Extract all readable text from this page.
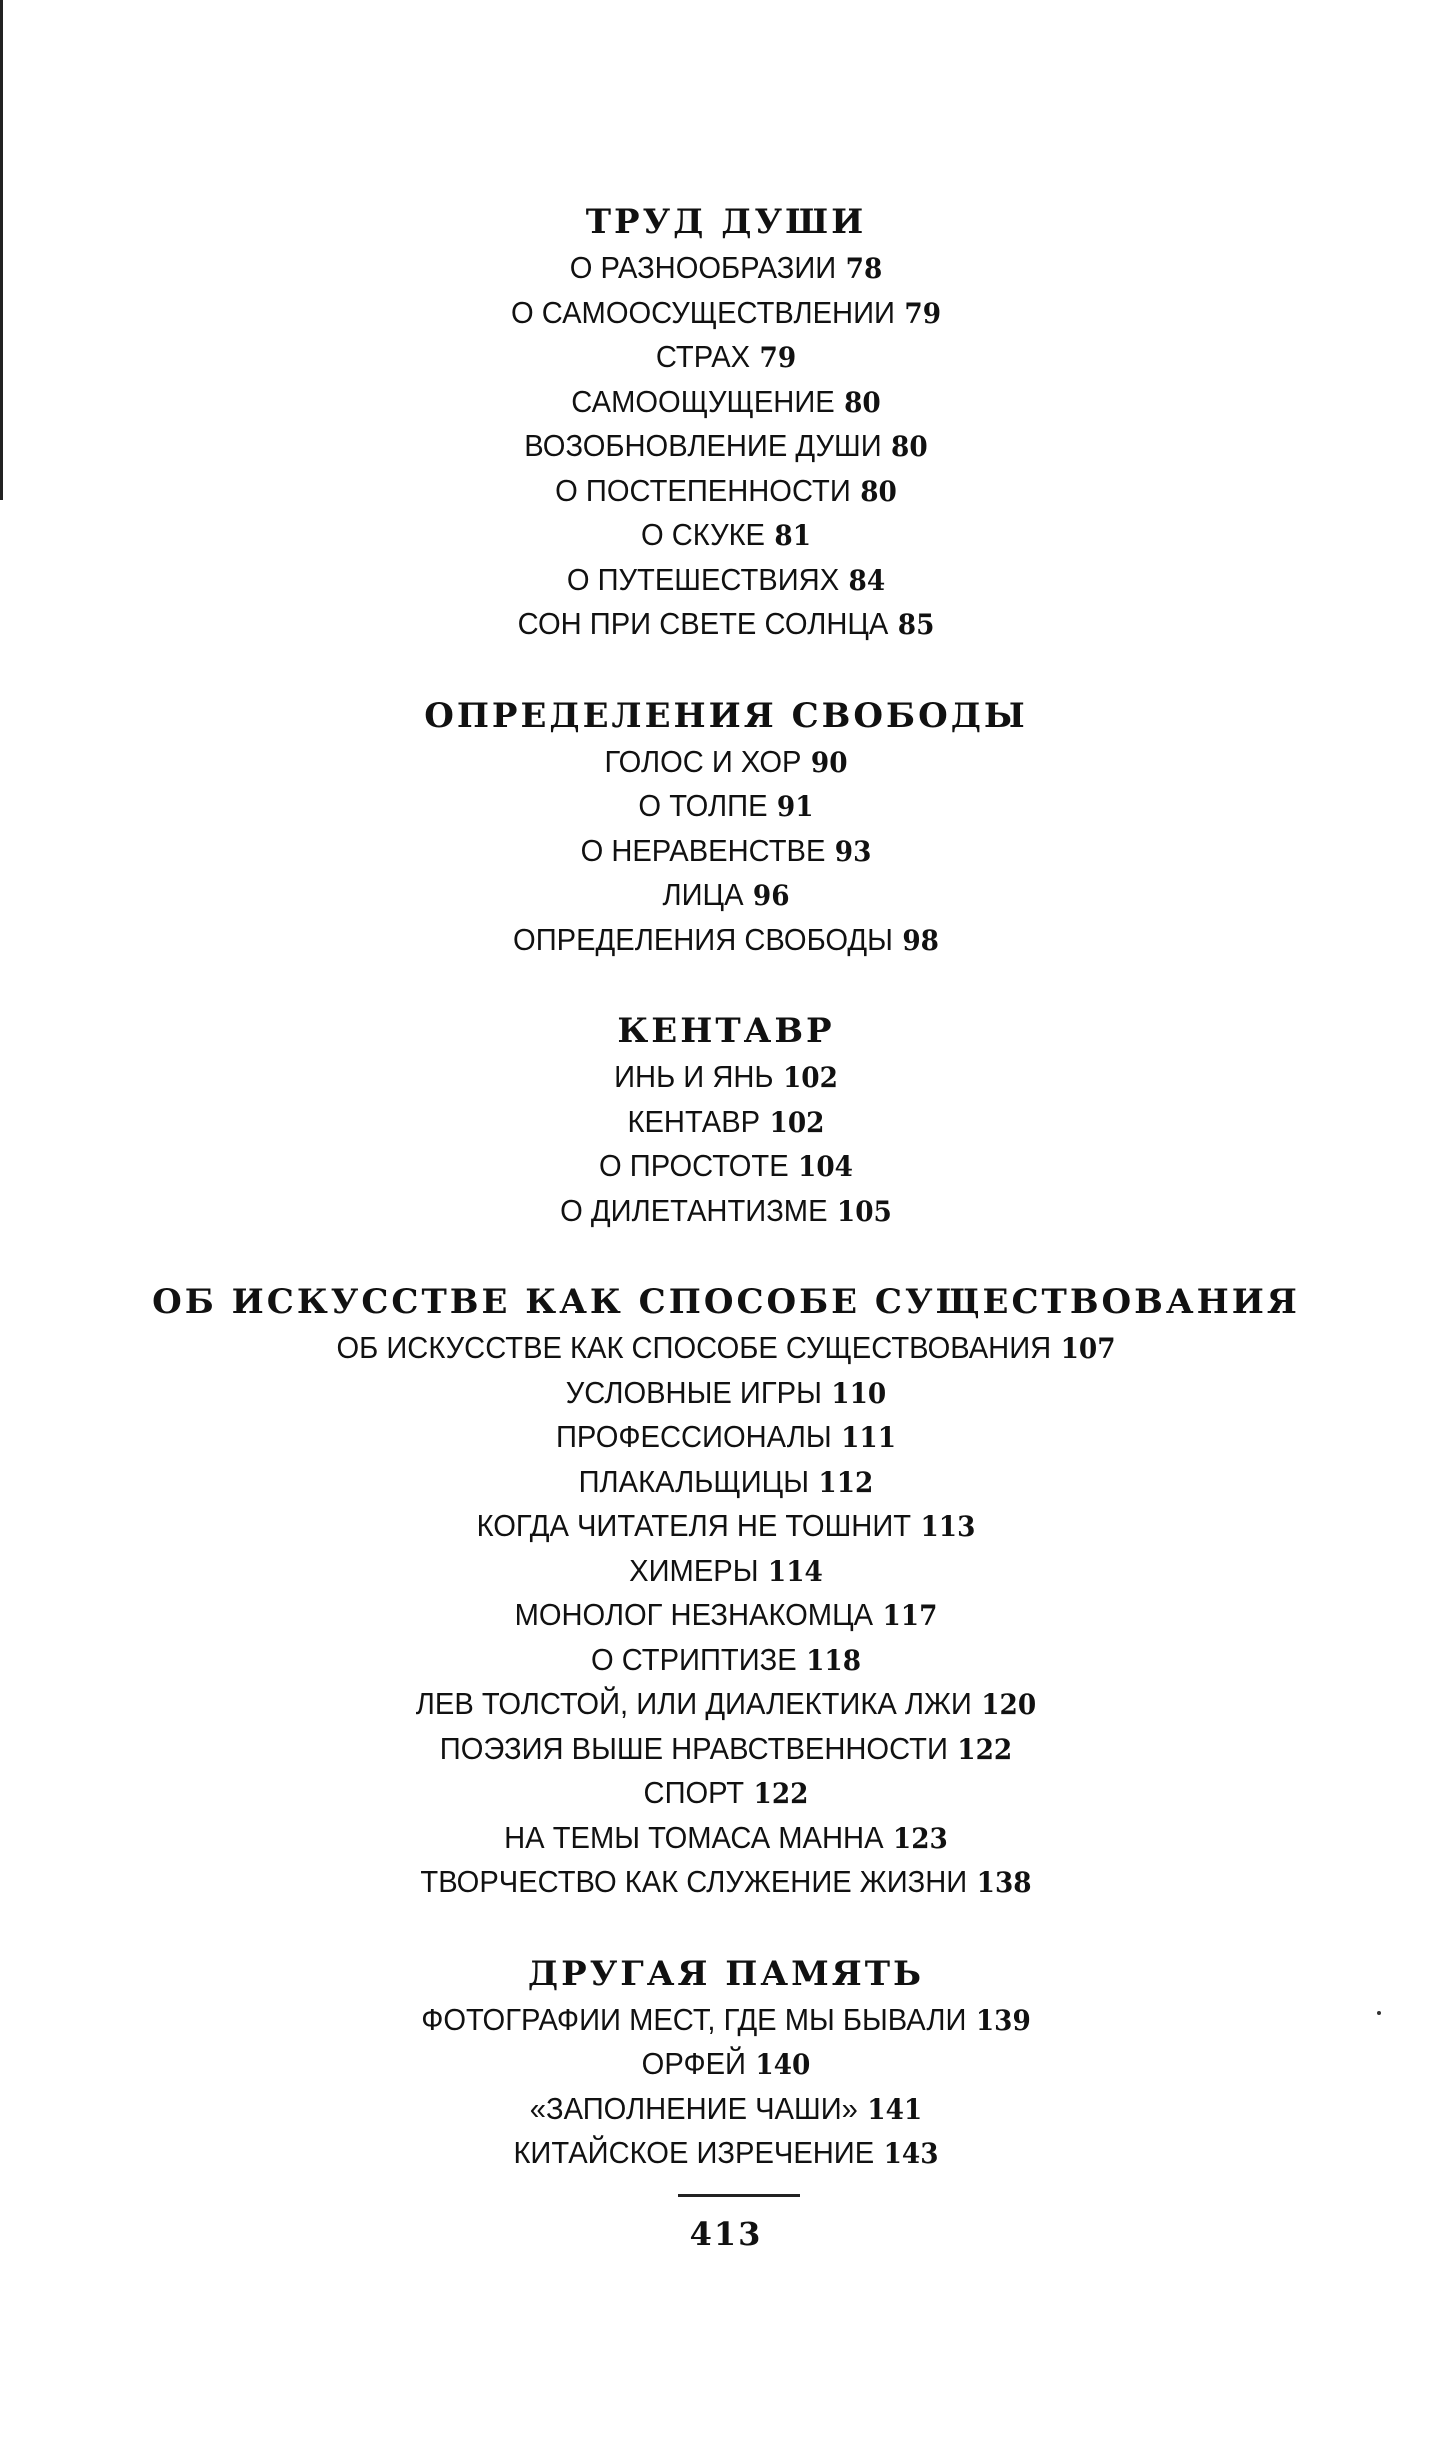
ТРУД ДУШИ
О РАЗНООБРАЗИИ 78
О САМООСУЩЕСТВЛЕНИИ 79
СТРАХ 79
САМООЩУЩЕНИЕ 80
ВОЗОБНОВЛЕНИЕ ДУШИ 80
О ПОСТЕПЕННОСТИ 80
О СКУКЕ 81
О ПУТЕШЕСТВИЯХ 84
СОН ПРИ СВЕТЕ СОЛНЦА 85
ОПРЕДЕЛЕНИЯ СВОБОДЫ
ГОЛОС И ХОР 90
О ТОЛПЕ 91
О НЕРАВЕНСТВЕ 93
ЛИЦА 96
ОПРЕДЕЛЕНИЯ СВОБОДЫ 98
КЕНТАВР
ИНЬ И ЯНЬ 102
КЕНТАВР 102
О ПРОСТОТЕ 104
О ДИЛЕТАНТИЗМЕ 105
ОБ ИСКУССТВЕ КАК СПОСОБЕ СУЩЕСТВОВАНИЯ
ОБ ИСКУССТВЕ КАК СПОСОБЕ СУЩЕСТВОВАНИЯ 107
УСЛОВНЫЕ ИГРЫ 110
ПРОФЕССИОНАЛЫ 111
ПЛАКАЛЬЩИЦЫ 112
КОГДА ЧИТАТЕЛЯ НЕ ТОШНИТ 113
ХИМЕРЫ 114
МОНОЛОГ НЕЗНАКОМЦА 117
О СТРИПТИЗЕ 118
ЛЕВ ТОЛСТОЙ, ИЛИ ДИАЛЕКТИКА ЛЖИ 120
ПОЭЗИЯ ВЫШЕ НРАВСТВЕННОСТИ 122
СПОРТ 122
НА ТЕМЫ ТОМАСА МАННА 123
ТВОРЧЕСТВО КАК СЛУЖЕНИЕ ЖИЗНИ 138
ДРУГАЯ ПАМЯТЬ
ФОТОГРАФИИ МЕСТ, ГДЕ МЫ БЫВАЛИ 139
ОРФЕЙ 140
«ЗАПОЛНЕНИЕ ЧАШИ» 141
КИТАЙСКОЕ ИЗРЕЧЕНИЕ 143
413
